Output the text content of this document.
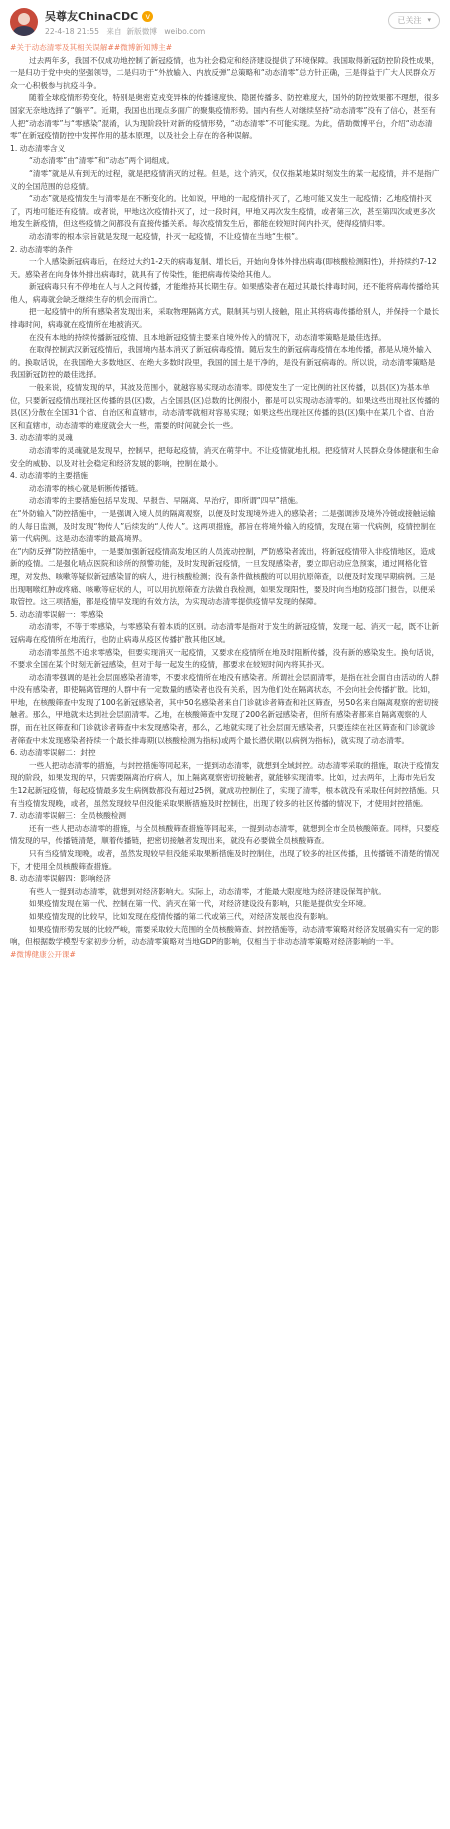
吴尊友ChinaCDC v
22-4-18 21:55 来自 新版微博 weibo.com
已关注 ▾

#关于动态清零及其相关误解##微博新知博主#

过去两年多，我国不仅成功地控制了新冠疫情，也为社会稳定和经济建设提供了环境保障。我国取得新冠防控阶段性成果，一是归功于党中央的坚强领导，二是归功于“外放输入、内放反弹”总策略和“动态清零”总方针正确，三是得益于广大人民群众万众一心积极参与抗疫斗争。

随着全球疫情形势变化，特别是奥密克戎变异株的传播速度快、隐匿传播多、防控难度大，国外的防控效果都不理想，很多国家无奈地选择了“躺平”。近期，我国也出现点多面广的聚集疫情形势。国内有些人对继续坚持“动态清零”没有了信心，甚至有人把“动态清零”与“零感染”混淆，认为现阶段针对新的疫情形势，“动态清零”不可能实现。为此，借助微博平台，介绍“动态清零”在新冠疫情防控中发挥作用的基本原理，以及社会上存在的各种误解。

1. 动态清零含义

“动态清零”由“清零”和“动态”两个词组成。

“清零”就是从有到无的过程，就是把疫情消灭的过程。但是，这个消灭，仅仅指某地某时刻发生的某一起疫情，并不是指广义的全国范围的总疫情。

“动态”就是疫情发生与清零是在不断变化的。比如说，甲地的一起疫情扑灭了，乙地可能又发生一起疫情；乙地疫情扑灭了，丙地可能还有疫情。或者说，甲地这次疫情扑灭了，过一段时间，甲地又再次发生疫情，或者第三次，甚至第四次或更多次地发生新疫情，但这些疫情之间都没有直接传播关系。每次疫情发生后，都能在较短时间内扑灭，使得疫情归零。

动态清零的根本宗旨就是发现一起疫情，扑灭一起疫情，不让疫情在当地“生根”。

2. 动态清零的条件

一个人感染新冠病毒后，在经过大约1-2天的病毒复制、增长后，开始向身体外排出病毒(即核酸检测阳性)，并持续约7-12天。感染者在向身体外排出病毒时，就具有了传染性，能把病毒传染给其他人。

新冠病毒只有不停地在人与人之间传播，才能维持其长期生存。如果感染者在超过其最长排毒时间，还不能将病毒传播给其他人，病毒就会缺乏继续生存的机会而消亡。

把一起疫情中的所有感染者发现出来，采取物理隔离方式，限制其与别人接触，阻止其将病毒传播给别人，并保持一个最长排毒时间，病毒就在疫情所在地被消灭。

在没有本地的持续传播新冠疫情、且本地新冠疫情主要来自境外传入的情况下，动态清零策略是最佳选择。

在取得控制武汉新冠疫情后，我国境内基本消灭了新冠病毒疫情。随后发生的新冠病毒疫情在本地传播，都是从境外输入的。换取话说，在我国绝大多数地区、在绝大多数时段里，我国的国土是干净的，是没有新冠病毒的。所以说，动态清零策略是我国新冠防控的最佳选择。

一般来说，疫情发现的早，其波及范围小，就越容易实现动态清零。即使发生了一定比例的社区传播，以县(区)为基本单位，只要新冠疫情出现社区传播的县(区)数，占全国县(区)总数的比例很小，都是可以实现动态清零的。如果这些出现社区传播的县(区)分散在全国31个省、自治区和直辖市，动态清零就相对容易实现；如果这些出现社区传播的县(区)集中在某几个省、自治区和直辖市，动态清零的难度就会大一些，需要的时间就会长一些。

3. 动态清零的灵魂

动态清零的灵魂就是发现早，控制早，把每起疫情，消灭在萌芽中。不让疫情就地扎根。把疫情对人民群众身体健康和生命安全的威胁、以及对社会稳定和经济发展的影响，控制在最小。

4. 动态清零的主要措施

动态清零的核心就是斩断传播链。

动态清零的主要措施包括早发现、早报告、早隔离、早治疗，即所谓“四早”措施。

在“外防输入”防控措施中，一是强调入境人员的隔离观察，以便及时发现境外进入的感染者；二是强调涉及境外冷链或接触运输的人每日监测，及时发现“物传人”后续发的“人传人”。这两项措施，都旨在将境外输入的疫情，发现在第一代病例，疫情控制在第一代病例。这是动态清零的最高境界。

在“内防反弹”防控措施中，一是要加强新冠疫情高发地区的人员流动控制，严防感染者流出，将新冠疫情带入非疫情地区，造成新的疫情。二是强化哨点医院和诊所的预警功能，及时发现新冠疫情，一旦发现感染者，要立即启动应急预案，通过网格化管理，对发热、咳嗽等疑似新冠感染冒的病人，进行核酸检测；没有条件做核酸的可以用抗原筛查，以便及时发现早期病例。三是出现咽喉红肿或疼痛、咳嗽等症状的人，可以用抗原筛查方法做自我检测，如果发现阳性，要及时向当地防疫部门报告，以便采取管控。这三项措施，都是疫情早发现的有效方法，为实现动态清零提供疫情早发现的保障。

5. 动态清零误解一：零感染

动态清零，不等于零感染，与零感染有着本质的区别。动态清零是指对于发生的新冠疫情，发现一起、消灭一起，既不让新冠病毒在疫情所在地流行，也防止病毒从疫区传播扩散其他区域。

动态清零虽然不追求零感染，但要实现消灭一起疫情，又要求在疫情所在地及时阻断传播，没有新的感染发生。换句话说，不要求全国在某个时刻无新冠感染，但对于每一起发生的疫情，都要求在较短时间内将其扑灭。

动态清零强调的是社会层面感染者清零，不要求疫情所在地没有感染者。所谓社会层面清零，是指在社会面自由活动的人群中没有感染者，即使隔离管理的人群中有一定数量的感染者也没有关系，因为他们处在隔离状态，不会向社会传播扩散。比如，甲地，在核酸筛查中发现了100名新冠感染者，其中50名感染者来自门诊就诊者筛查和社区筛查，另50名来自隔离观察的密切接触者。那么，甲地就未达到社会层面清零。乙地，在核酸筛查中发现了200名新冠感染者，但所有感染者都来自隔离观察的人群，而在社区筛查和门诊就诊者筛查中未发现感染者，那么，乙地就实现了社会层面无感染者，只要连续在社区筛查和门诊就诊者筛查中未发现感染者持续一个最长排毒期(以核酸检测为指标)或两个最长潜伏期(以病例为指标)，就实现了动态清零。

6. 动态清零误解二：封控

一些人把动态清零的措施，与封控措施等同起来，一提到动态清零，就想到全域封控。动态清零采取的措施，取决于疫情发现的阶段，如果发现的早，只需要隔离治疗病人，加上隔离观察密切接触者，就能够实现清零。比如，过去两年，上海市先后发生12起新冠疫情，每起疫情最多发生病例数都没有超过25例，就成功控制住了，实现了清零，根本就没有采取任何封控措施。只有当疫情发现晚，或者，虽然发现较早但没能采取果断措施及时控制住，出现了较多的社区传播的情况下，才使用封控措施。

7. 动态清零误解三：全员核酸检测

还有一些人把动态清零的措施，与全员核酸筛查措施等同起来，一提到动态清零，就想到全市全员核酸筛查。同样，只要疫情发现的早，传播链清楚，顺着传播链，把密切接触者发现出来，就没有必要做全员核酸筛查。

只有当疫情发现晚，或者，虽然发现较早但没能采取果断措施及时控制住，出现了较多的社区传播，且传播链不清楚的情况下，才使用全员核酸筛查措施。

8. 动态清零误解四：影响经济

有些人一提到动态清零，就想到对经济影响大。实际上，动态清零，才能最大限度地为经济建设保驾护航。

如果疫情发现在第一代、控制在第一代、消灭在第一代，对经济建设没有影响，只能是提供安全环境。

如果疫情发现的比较早，比如发现在疫情传播的第二代或第三代，对经济发展也没有影响。

如果疫情形势发展的比较严峻，需要采取较大范围的全员核酸筛查、封控措施等，动态清零策略对经济发展确实有一定的影响，但根据数学模型专家初步分析，动态清零策略对当地GDP的影响，仅相当于非动态清零策略对经济影响的一半。

#微博健康公开课#
